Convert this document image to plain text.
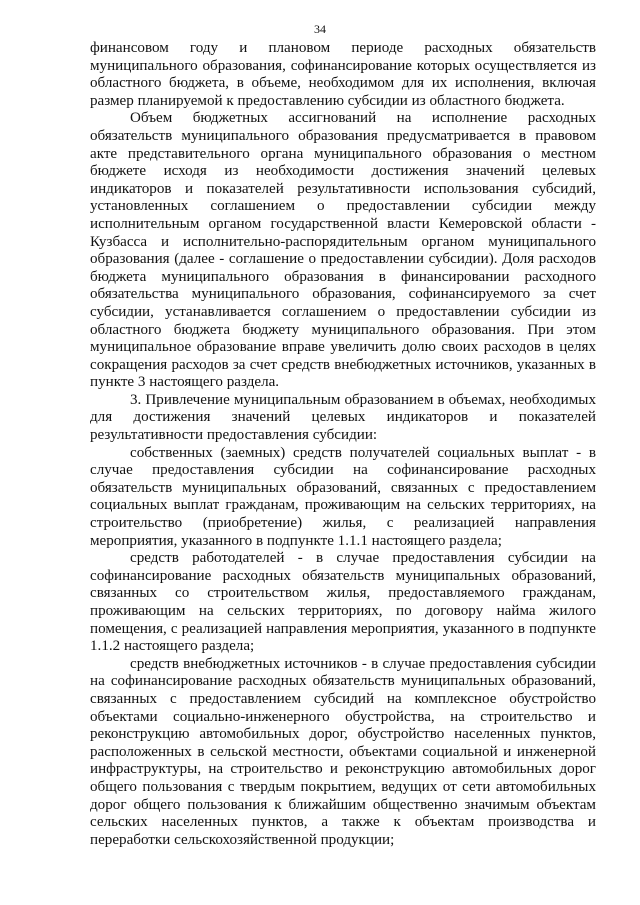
34

финансовом году и плановом периоде расходных обязательств муниципального образования, софинансирование которых осуществляется из областного бюджета, в объеме, необходимом для их исполнения, включая размер планируемой к предоставлению субсидии из областного бюджета.

Объем бюджетных ассигнований на исполнение расходных обязательств муниципального образования предусматривается в правовом акте представительного органа муниципального образования о местном бюджете исходя из необходимости достижения значений целевых индикаторов и показателей результативности использования субсидий, установленных соглашением о предоставлении субсидии между исполнительным органом государственной власти Кемеровской области - Кузбасса и исполнительно-распорядительным органом муниципального образования (далее - соглашение о предоставлении субсидии). Доля расходов бюджета муниципального образования в финансировании расходного обязательства муниципального образования, софинансируемого за счет субсидии, устанавливается соглашением о предоставлении субсидии из областного бюджета бюджету муниципального образования. При этом муниципальное образование вправе увеличить долю своих расходов в целях сокращения расходов за счет средств внебюджетных источников, указанных в пункте 3 настоящего раздела.

3. Привлечение муниципальным образованием в объемах, необходимых для достижения значений целевых индикаторов и показателей результативности предоставления субсидии:

собственных (заемных) средств получателей социальных выплат - в случае предоставления субсидии на софинансирование расходных обязательств муниципальных образований, связанных с предоставлением социальных выплат гражданам, проживающим на сельских территориях, на строительство (приобретение) жилья, с реализацией направления мероприятия, указанного в подпункте 1.1.1 настоящего раздела;

средств работодателей - в случае предоставления субсидии на софинансирование расходных обязательств муниципальных образований, связанных со строительством жилья, предоставляемого гражданам, проживающим на сельских территориях, по договору найма жилого помещения, с реализацией направления мероприятия, указанного в подпункте 1.1.2 настоящего раздела;

средств внебюджетных источников - в случае предоставления субсидии на софинансирование расходных обязательств муниципальных образований, связанных с предоставлением субсидий на комплексное обустройство объектами социально-инженерного обустройства, на строительство и реконструкцию автомобильных дорог, обустройство населенных пунктов, расположенных в сельской местности, объектами социальной и инженерной инфраструктуры, на строительство и реконструкцию автомобильных дорог общего пользования с твердым покрытием, ведущих от сети автомобильных дорог общего пользования к ближайшим общественно значимым объектам сельских населенных пунктов, а также к объектам производства и переработки сельскохозяйственной продукции;
